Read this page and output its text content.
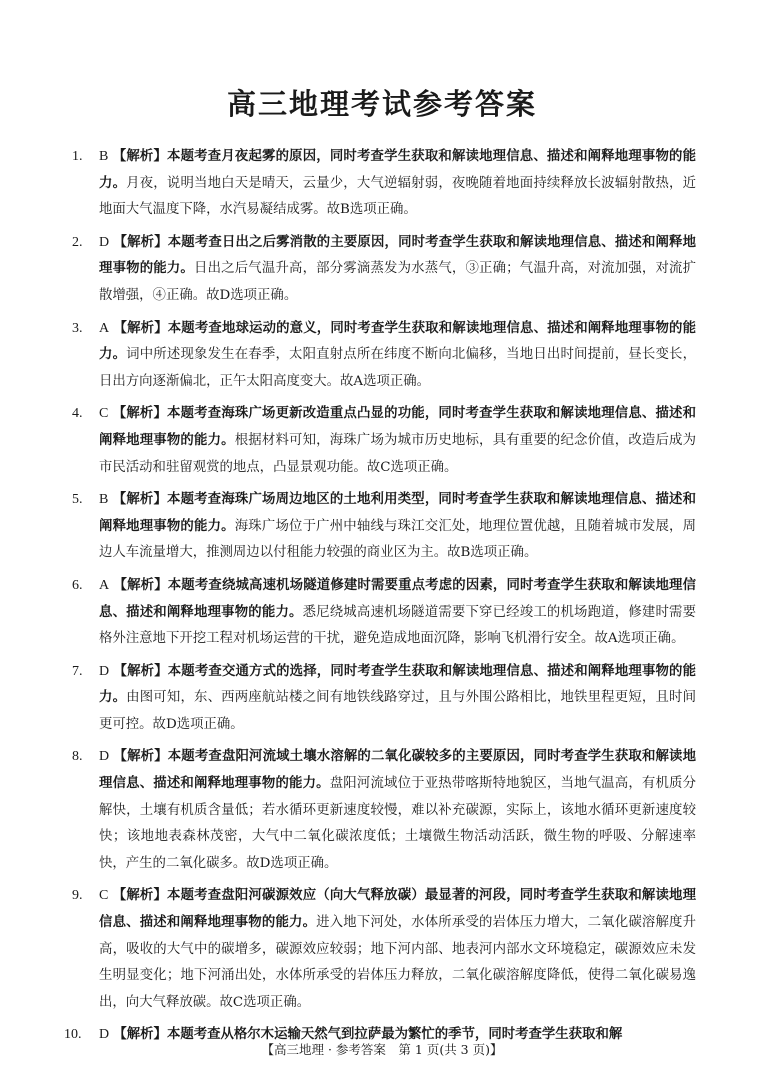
高三地理考试参考答案
1. B 【解析】本题考查月夜起雾的原因，同时考查学生获取和解读地理信息、描述和阐释地理事物的能力。月夜，说明当地白天是晴天，云量少，大气逆辐射弱，夜晚随着地面持续释放长波辐射散热，近地面大气温度下降，水汽易凝结成雾。故B选项正确。
2. D 【解析】本题考查日出之后雾消散的主要原因，同时考查学生获取和解读地理信息、描述和阐释地理事物的能力。日出之后气温升高，部分雾滴蒸发为水蒸气，③正确；气温升高，对流加强，对流扩散增强，④正确。故D选项正确。
3. A 【解析】本题考查地球运动的意义，同时考查学生获取和解读地理信息、描述和阐释地理事物的能力。词中所述现象发生在春季，太阳直射点所在纬度不断向北偏移，当地日出时间提前，昼长变长，日出方向逐渐偏北，正午太阳高度变大。故A选项正确。
4. C 【解析】本题考查海珠广场更新改造重点凸显的功能，同时考查学生获取和解读地理信息、描述和阐释地理事物的能力。根据材料可知，海珠广场为城市历史地标，具有重要的纪念价值，改造后成为市民活动和驻留观赏的地点，凸显景观功能。故C选项正确。
5. B 【解析】本题考查海珠广场周边地区的土地利用类型，同时考查学生获取和解读地理信息、描述和阐释地理事物的能力。海珠广场位于广州中轴线与珠江交汇处，地理位置优越，且随着城市发展，周边人车流量增大，推测周边以付租能力较强的商业区为主。故B选项正确。
6. A 【解析】本题考查绕城高速机场隧道修建时需要重点考虑的因素，同时考查学生获取和解读地理信息、描述和阐释地理事物的能力。悉尼绕城高速机场隧道需要下穿已经竣工的机场跑道，修建时需要格外注意地下开挖工程对机场运营的干扰，避免造成地面沉降，影响飞机滑行安全。故A选项正确。
7. D 【解析】本题考查交通方式的选择，同时考查学生获取和解读地理信息、描述和阐释地理事物的能力。由图可知，东、西两座航站楼之间有地铁线路穿过，且与外围公路相比，地铁里程更短，且时间更可控。故D选项正确。
8. D 【解析】本题考查盘阳河流域土壤水溶解的二氧化碳较多的主要原因，同时考查学生获取和解读地理信息、描述和阐释地理事物的能力。盘阳河流域位于亚热带喀斯特地貌区，当地气温高，有机质分解快，土壤有机质含量低；若水循环更新速度较慢，难以补充碳源，实际上，该地水循环更新速度较快；该地地表森林茂密，大气中二氧化碳浓度低；土壤微生物活动活跃，微生物的呼吸、分解速率快，产生的二氧化碳多。故D选项正确。
9. C 【解析】本题考查盘阳河碳源效应（向大气释放碳）最显著的河段，同时考查学生获取和解读地理信息、描述和阐释地理事物的能力。进入地下河处，水体所承受的岩体压力增大，二氧化碳溶解度升高，吸收的大气中的碳增多，碳源效应较弱；地下河内部、地表河内部水文环境稳定，碳源效应未发生明显变化；地下河涌出处，水体所承受的岩体压力释放，二氧化碳溶解度降低，使得二氧化碳易逸出，向大气释放碳。故C选项正确。
10. D 【解析】本题考查从格尔木运输天然气到拉萨最为繁忙的季节，同时考查学生获取和解
【高三地理 · 参考答案　第 1 页(共 3 页)】
